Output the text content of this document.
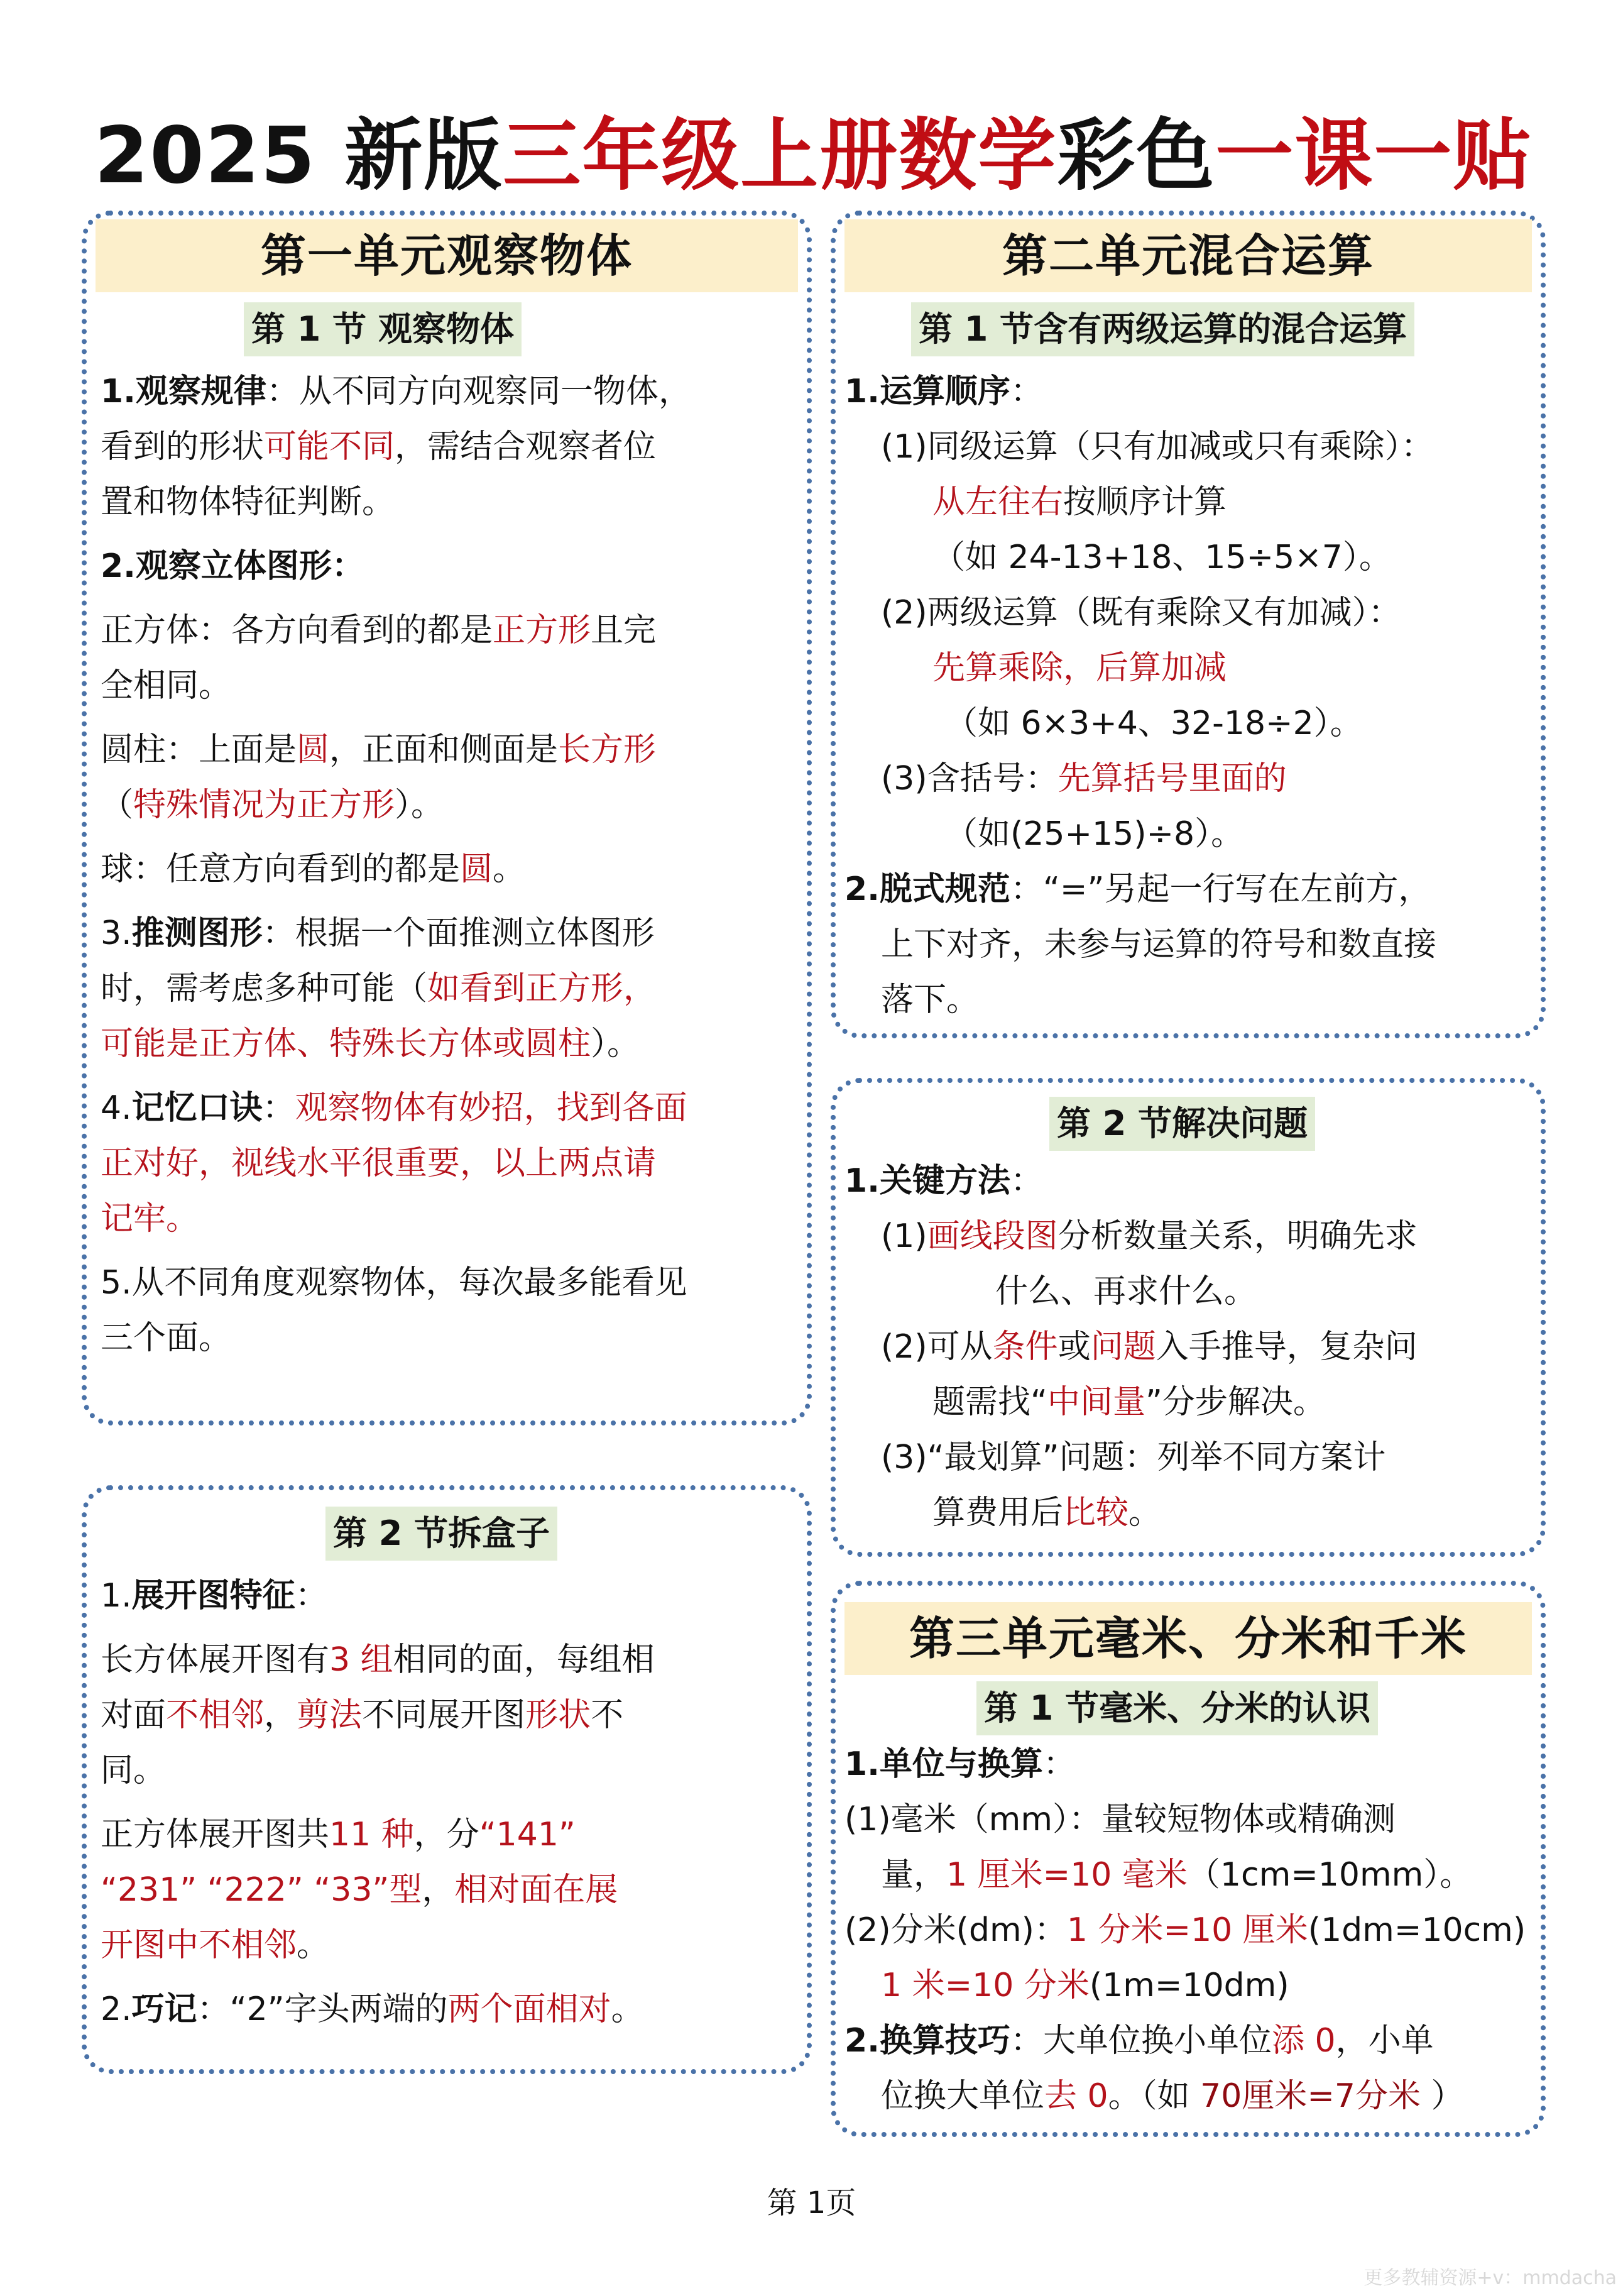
2025 新版三年级上册数学彩色一课一贴
第一单元观察物体
第 1 节 观察物体
1.观察规律：从不同方向观察同一物体，
看到的形状可能不同，需结合观察者位
置和物体特征判断。
2.观察立体图形：
正方体：各方向看到的都是正方形且完
全相同。
圆柱：上面是圆，正面和侧面是长方形
（特殊情况为正方形）。
球：任意方向看到的都是圆。
3.推测图形：根据一个面推测立体图形
时，需考虑多种可能（如看到正方形，
可能是正方体、特殊长方体或圆柱）。
4.记忆口诀：观察物体有妙招，找到各面
正对好，视线水平很重要，以上两点请
记牢。
5.从不同角度观察物体，每次最多能看见
三个面。
第 2 节拆盒子
1.展开图特征：
长方体展开图有3 组相同的面，每组相
对面不相邻，剪法不同展开图形状不
同。
正方体展开图共11 种，分“141”
“231” “222” “33”型，相对面在展
开图中不相邻。
2.巧记：“2”字头两端的两个面相对。
第二单元混合运算
第 1 节含有两级运算的混合运算
1.运算顺序：
(1)同级运算（只有加减或只有乘除）：
从左往右按顺序计算
（如 24-13+18、15÷5×7）。
(2)两级运算（既有乘除又有加减）：
先算乘除，后算加减
（如 6×3+4、32-18÷2）。
(3)含括号：先算括号里面的
（如(25+15)÷8）。
2.脱式规范：“=”另起一行写在左前方，
上下对齐，未参与运算的符号和数直接
落下。
第 2 节解决问题
1.关键方法：
(1)画线段图分析数量关系，明确先求
什么、再求什么。
(2)可从条件或问题入手推导，复杂问
题需找“中间量”分步解决。
(3)“最划算”问题：列举不同方案计
算费用后比较。
第三单元毫米、分米和千米
第 1 节毫米、分米的认识
1.单位与换算：
(1)毫米（mm）：量较短物体或精确测
量，1 厘米=10 毫米（1cm=10mm）。
(2)分米(dm)：1 分米=10 厘米(1dm=10cm)
1 米=10 分米(1m=10dm)
2.换算技巧：大单位换小单位添 0，小单
位换大单位去 0。（如 70厘米=7分米 ）
第 1页
更多教辅资源+v：mmdacha
